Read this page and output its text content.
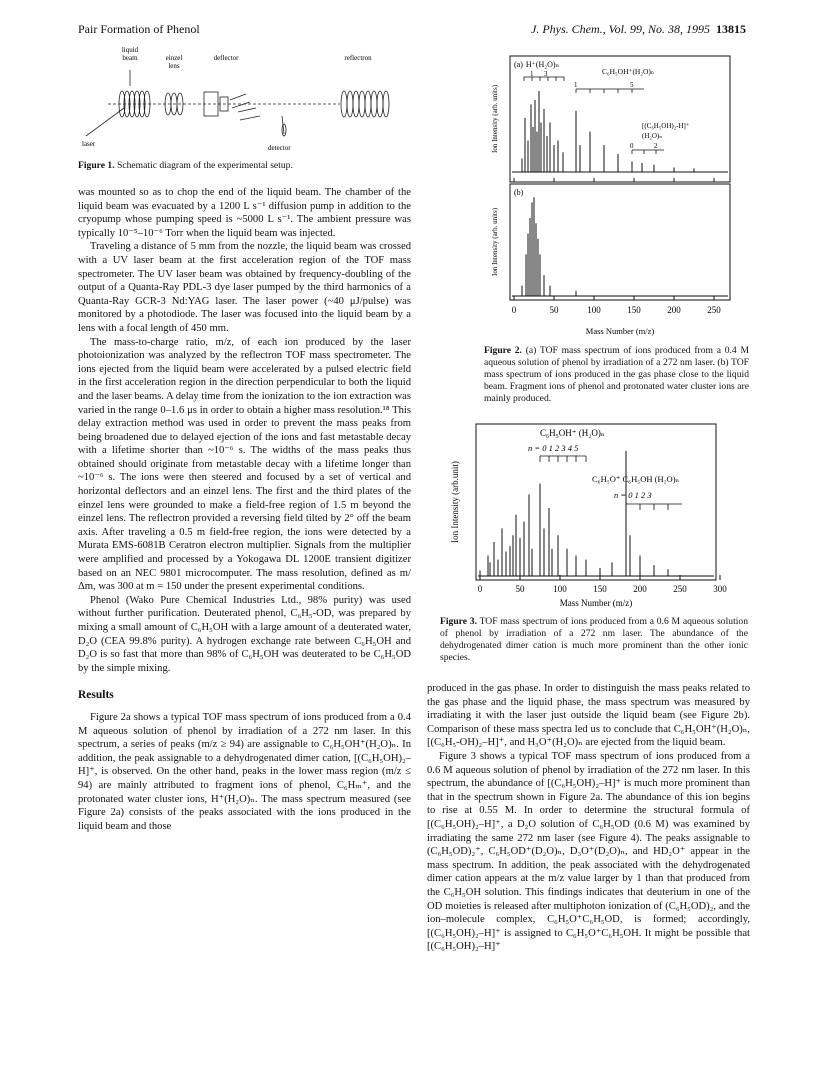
Pair Formation of Phenol	J. Phys. Chem., Vol. 99, No. 38, 1995 13815
liquid beam	einzel lens
deflector	reflectron
laser	detector
Figure 1. Schematic diagram of the experimental setup.

was mounted so as to chop the end of the liquid beam. The chamber of the liquid beam was evacuated by a 1200 L s⁻¹ diffusion pump in addition to the cryopump whose pumping speed is ~5000 L s⁻¹. The ambient pressure was typically 10⁻⁵–10⁻⁶ Torr when the liquid beam was injected.

Traveling a distance of 5 mm from the nozzle, the liquid beam was crossed with a UV laser beam at the first acceleration region of the TOF mass spectrometer. The UV laser beam was obtained by frequency-doubling of the output of a Quanta-Ray PDL-3 dye laser pumped by the third harmonics of a Quanta-Ray GCR-3 Nd:YAG laser. The laser power (~40 μJ/pulse) was monitored by a photodiode. The laser was focused into the liquid beam by a lens with a focal length of 450 mm.

The mass-to-charge ratio, m/z, of each ion produced by the laser photoionization was analyzed by the reflectron TOF mass spectrometer. The ions ejected from the liquid beam were accelerated by a pulsed electric field in the first acceleration region in the direction perpendicular to both the liquid and the laser beams. A delay time from the ionization to the ion extraction was varied in the range 0–1.6 μs in order to obtain a higher mass resolution.¹⁸ This delay extraction method was used in order to prevent the mass peaks from being broadened due to delayed ejection of the ions and fast metastable decay with a lifetime shorter than ~10⁻⁶ s. The widths of the mass peaks thus obtained should originate from metastable decay with a lifetime longer than ~10⁻⁶ s. The ions were then steered and focused by a set of vertical and horizontal deflectors and an einzel lens. The first and the third plates of the einzel lens were grounded to make a field-free region of 1.5 m beyond the einzel lens. The reflectron provided a reversing field tilted by 2° off the beam axis. After traveling a 0.5 m field-free region, the ions were detected by a Murata EMS-6081B Ceratron electron multiplier. Signals from the multiplier were amplified and processed by a Yokogawa DL 1200E transient digitizer based on an NEC 9801 microcomputer. The mass resolution, defined as m/Δm, was 300 at m = 150 under the present experimental conditions.

Phenol (Wako Pure Chemical Industries Ltd., 98% purity) was used without further purification. Deuterated phenol, C₆H₅-OD, was prepared by mixing a small amount of C₆H₅OH with a large amount of a deuterated water, D₂O (CEA 99.8% purity). A hydrogen exchange rate between C₆H₅OH and D₂O is so fast that more than 98% of C₆H₅OH was deuterated to be C₆H₅OD by the simple mixing.

Results

Figure 2a shows a typical TOF mass spectrum of ions produced from a 0.4 M aqueous solution of phenol by irradiation of a 272 nm laser. In this spectrum, a series of peaks (m/z ≥ 94) are assignable to C₆H₅OH⁺(H₂O)ₙ. In addition, the peak assignable to a dehydrogenated dimer cation, [(C₆H₅OH)₂–H]⁺, is observed. On the other hand, peaks in the lower mass region (m/z ≤ 94) are mainly attributed to fragment ions of phenol, C₆Hₘ⁺, and the protonated water cluster ions, H⁺(H₂O)ₙ. The mass spectrum measured (see Figure 2a) consists of the peaks associated with the ions produced in the liquid beam and those

(a) H⁺(H₂O)ₙ
1 3	C₆H₅OH⁺(H₂O)ₙ
1	5
[(C₆H₅OH)₂-H]⁺
(H₂O)ₙ
0	2
(b)
Ion Intensity (arb. units)
Ion Intensity (arb. units)
0	50	100	150	200	250
Mass Number (m/z)
Figure 2. (a) TOF mass spectrum of ions produced from a 0.4 M aqueous solution of phenol by irradiation of a 272 nm laser. (b) TOF mass spectrum of ions produced in the gas phase close to the liquid beam. Fragment ions of phenol and protonated water cluster ions are mainly produced.
C₆H₅OH⁺ (H₂O)ₙ
n = 0 1 2 3 4 5
C₆H₅O⁺ C₆H₅OH (H₂O)ₙ
n = 0 1 2 3
Ion Intensity (arb.unit)
0	50	100	150	200	250	300
Mass Number (m/z)
Figure 3. TOF mass spectrum of ions produced from a 0.6 M aqueous solution of phenol by irradiation of a 272 nm laser. The abundance of the dehydrogenated dimer cation is much more prominent than the other ionic species.

produced in the gas phase. In order to distinguish the mass peaks related to the gas phase and the liquid phase, the mass spectrum was measured by irradiating it with the laser just outside the liquid beam (see Figure 2b). Comparison of these mass spectra led us to conclude that C₆H₅OH⁺(H₂O)ₙ, [(C₆H₅-OH)₂–H]⁺, and H₃O⁺(H₂O)ₙ are ejected from the liquid beam.

Figure 3 shows a typical TOF mass spectrum of ions produced from a 0.6 M aqueous solution of phenol by irradiation of the 272 nm laser. In this spectrum, the abundance of [(C₆H₅OH)₂–H]⁺ is much more prominent than that in the spectrum shown in Figure 2a. The abundance of this ion begins to rise at 0.55 M. In order to determine the structural formula of [(C₆H₅OH)₂–H]⁺, a D₂O solution of C₆H₅OD (0.6 M) was examined by irradiating the same 272 nm laser (see Figure 4). The peaks assignable to (C₆H₅OD)₂⁺, C₆H₅OD⁺(D₂O)ₙ, D₃O⁺(D₂O)ₙ, and HD₂O⁺ appear in the mass spectrum. In addition, the peak associated with the dehydrogenated dimer cation appears at the m/z value larger by 1 than that produced from the C₆H₅OH solution. This findings indicates that deuterium in one of the OD moieties is released after multiphoton ionization of (C₆H₅OD)₂, and the ion–molecule complex, C₆H₅O⁺C₆H₅OD, is formed; accordingly, [(C₆H₅OH)₂–H]⁺ is assigned to C₆H₅O⁺C₆H₅OH. It might be possible that [(C₆H₅OH)₂–H]⁺
